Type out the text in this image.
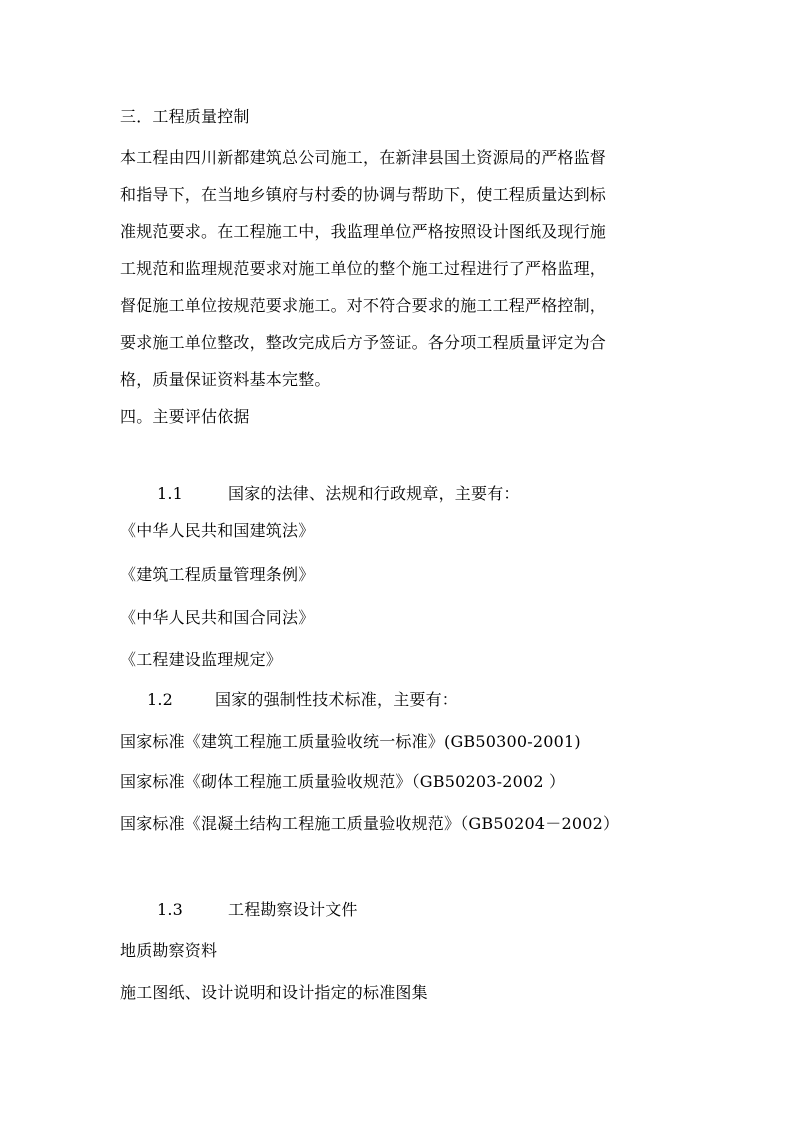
三．工程质量控制
本工程由四川新都建筑总公司施工，在新津县国土资源局的严格监督
和指导下，在当地乡镇府与村委的协调与帮助下，使工程质量达到标
准规范要求。在工程施工中，我监理单位严格按照设计图纸及现行施
工规范和监理规范要求对施工单位的整个施工过程进行了严格监理，
督促施工单位按规范要求施工。对不符合要求的施工工程严格控制，
要求施工单位整改，整改完成后方予签证。各分项工程质量评定为合
格，质量保证资料基本完整。
四。主要评估依据
1.1	国家的法律、法规和行政规章，主要有：
《中华人民共和国建筑法》
《建筑工程质量管理条例》
《中华人民共和国合同法》
《工程建设监理规定》
1.2	国家的强制性技术标准，主要有：
国家标准《建筑工程施工质量验收统一标准》(GB50300-2001)
国家标准《砌体工程施工质量验收规范》（GB50203-2002 ）
国家标准《混凝土结构工程施工质量验收规范》（GB50204－2002）
1.3	工程勘察设计文件
地质勘察资料
施工图纸、设计说明和设计指定的标准图集
